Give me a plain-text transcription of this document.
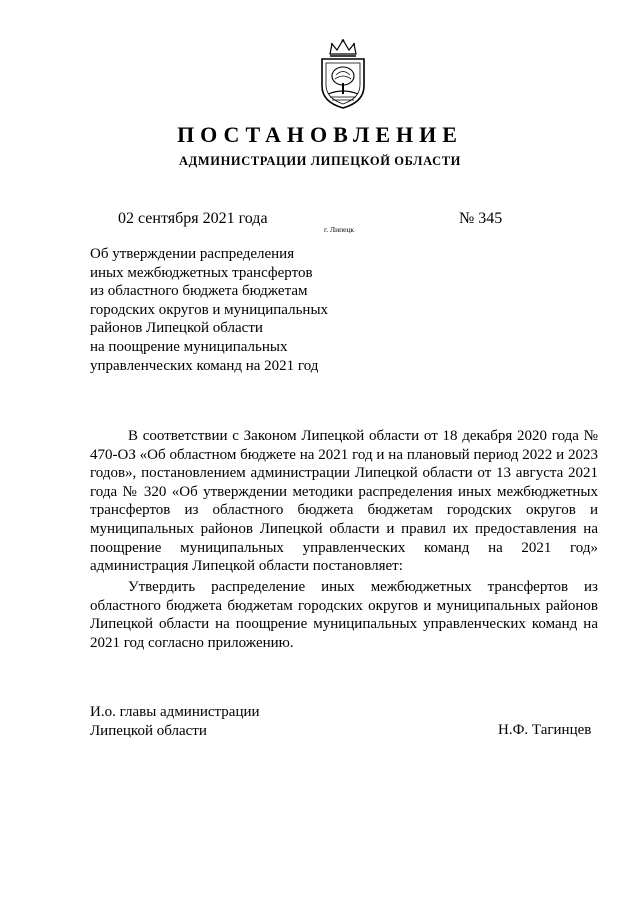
ПОСТАНОВЛЕНИЕ
АДМИНИСТРАЦИИ ЛИПЕЦКОЙ ОБЛАСТИ
02 сентября 2021 года
г. Липецк
№ 345
Об утверждении распределения
иных межбюджетных трансфертов
из областного бюджета бюджетам
городских округов и муниципальных
районов Липецкой области
на поощрение муниципальных
управленческих команд на 2021 год

В соответствии с Законом Липецкой области от 18 декабря 2020 года № 470-ОЗ «Об областном бюджете на 2021 год и на плановый период 2022 и 2023 годов», постановлением администрации Липецкой области от 13 августа 2021 года № 320 «Об утверждении методики распределения иных межбюджетных трансфертов из областного бюджета бюджетам городских округов и муниципальных районов Липецкой области и правил их предоставления на поощрение муниципальных управленческих команд на 2021 год» администрация Липецкой области постановляет:

Утвердить распределение иных межбюджетных трансфертов из областного бюджета бюджетам городских округов и муниципальных районов Липецкой области на поощрение муниципальных управленческих команд на 2021 год согласно приложению.

И.о. главы администрации
Липецкой области	Н.Ф. Тагинцев
